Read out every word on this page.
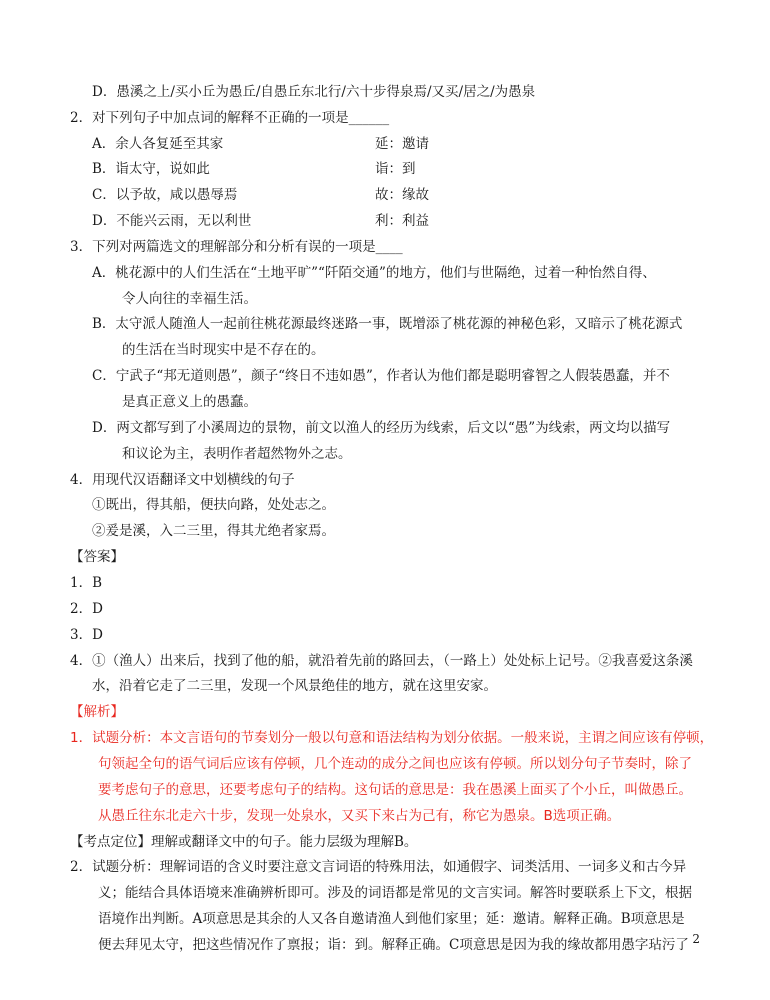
D．愚溪之上/买小丘为愚丘/自愚丘东北行/六十步得泉焉/又买/居之/为愚泉
2．对下列句子中加点词的解释不正确的一项是______
A．余人各复延至其家	延：邀请
B．诣太守，说如此	诣：到
C．以予故，咸以愚辱焉	故：缘故
D．不能兴云雨，无以利世	利：利益
3．下列对两篇选文的理解部分和分析有误的一项是____
A．桃花源中的人们生活在“土地平旷”“阡陌交通”的地方，他们与世隔绝，过着一种怡然自得、
令人向往的幸福生活。
B．太守派人随渔人一起前往桃花源最终迷路一事，既增添了桃花源的神秘色彩，又暗示了桃花源式
的生活在当时现实中是不存在的。
C．宁武子“邦无道则愚”，颜子“终日不违如愚”，作者认为他们都是聪明睿智之人假装愚蠢，并不
是真正意义上的愚蠢。
D．两文都写到了小溪周边的景物，前文以渔人的经历为线索，后文以“愚”为线索，两文均以描写
和议论为主，表明作者超然物外之志。
4．用现代汉语翻译文中划横线的句子
①既出，得其船，便扶向路，处处志之。
②爰是溪，入二三里，得其尤绝者家焉。
【答案】
1．B
2．D
3．D
4．①（渔人）出来后，找到了他的船，就沿着先前的路回去，（一路上）处处标上记号。②我喜爱这条溪
水，沿着它走了二三里，发现一个风景绝佳的地方，就在这里安家。
【解析】
1．试题分析：本文言语句的节奏划分一般以句意和语法结构为划分依据。一般来说，主谓之间应该有停顿，
句领起全句的语气词后应该有停顿，几个连动的成分之间也应该有停顿。所以划分句子节奏时，除了
要考虑句子的意思，还要考虑句子的结构。这句话的意思是：我在愚溪上面买了个小丘，叫做愚丘。
从愚丘往东北走六十步，发现一处泉水，又买下来占为己有，称它为愚泉。B选项正确。
【考点定位】理解或翻译文中的句子。能力层级为理解B。
2．试题分析：理解词语的含义时要注意文言词语的特殊用法，如通假字、词类活用、一词多义和古今异
义；能结合具体语境来准确辨析即可。涉及的词语都是常见的文言实词。解答时要联系上下文，根据
语境作出判断。A项意思是其余的人又各自邀请渔人到他们家里；延：邀请。解释正确。B项意思是
便去拜见太守，把这些情况作了禀报；诣：到。解释正确。C项意思是因为我的缘故都用愚字玷污了 2
